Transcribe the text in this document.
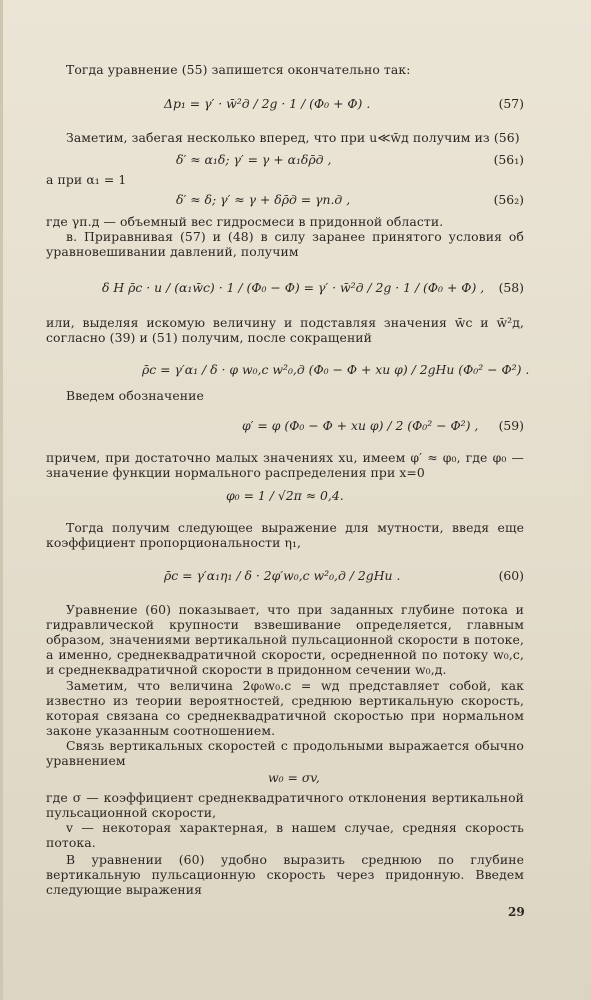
Тогда уравнение (55) запишется окончательно так:
Δp₁ = γ′ · w̄²д / 2g · 1 / (Φ₀ + Φ) .	(57)
Заметим, забегая несколько вперед, что при u≪w̄д получим из (56)
δ′ ≈ α₁δ; γ′ = γ + α₁δρ̄д ,	(56₁)
а при α₁ = 1
δ′ ≈ δ; γ′ ≈ γ + δρ̄д = γп.д ,	(56₂)
где γп.д — объемный вес гидросмеси в придонной области.
в. Приравнивая (57) и (48) в силу заранее принятого условия об уравновешивании давлений, получим
δ H ρ̄с · u / (α₁w̄с) · 1 / (Φ₀ − Φ) = γ′ · w̄²д / 2g · 1 / (Φ₀ + Φ) , (58)
или, выделяя искомую величину и подставляя значения w̄с и w̄²д, согласно (39) и (51) получим, после сокращений
ρ̄с = γ′α₁ / δ · φ w₀,с w²₀,д (Φ₀ − Φ + xu φ) / 2gHu (Φ₀² − Φ²) .
Введем обозначение
φ′ = φ (Φ₀ − Φ + xu φ) / 2 (Φ₀² − Φ²) , (59)
причем, при достаточно малых значениях xu, имеем φ′ ≈ φ₀, где φ₀ — значение функции нормального распределения при x=0
φ₀ = 1 / √2π ≈ 0,4.
Тогда получим следующее выражение для мутности, введя еще коэффициент пропорциональности η₁,
ρ̄с = γ′α₁η₁ / δ · 2φ′w₀,с w²₀,д / 2gHu .	(60)
Уравнение (60) показывает, что при заданных глубине потока и гидравлической крупности взвешивание определяется, главным образом, значениями вертикальной пульсационной скорости в потоке, а именно, среднеквадратичной скорости, осредненной по потоку w₀,с, и среднеквадратичной скорости в придонном сечении w₀,д.
Заметим, что величина 2φ₀w₀.с = wд представляет собой, как известно из теории вероятностей, среднюю вертикальную скорость, которая связана со среднеквадратичной скоростью при нормальном законе указанным соотношением.
Связь вертикальных скоростей с продольными выражается обычно уравнением
w₀ = σv,
где σ — коэффициент среднеквадратичного отклонения вертикальной пульсационной скорости,
v — некоторая характерная, в нашем случае, средняя скорость потока.
В уравнении (60) удобно выразить среднюю по глубине вертикальную пульсационную скорость через придонную. Введем следующие выражения
29
